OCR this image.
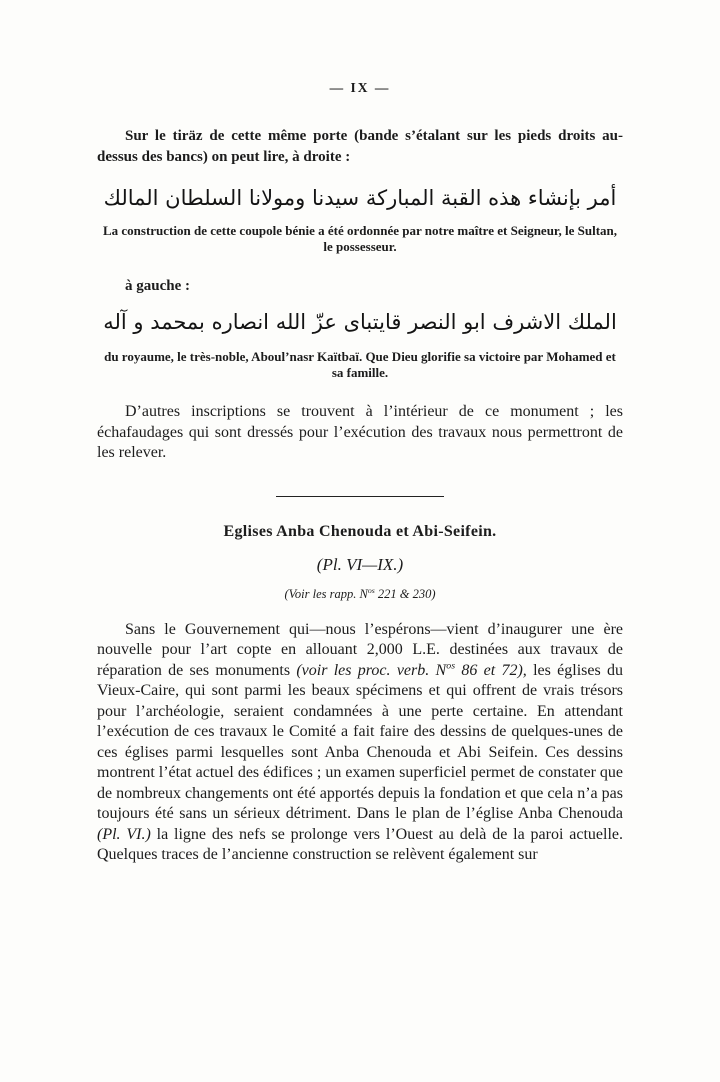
— IX —

Sur le tiräz de cette même porte (bande s’étalant sur les pieds droits au-dessus des bancs) on peut lire, à droite :

أمر بإنشاء هذه القبة المباركة سيدنا ومولانا السلطان المالك

La construction de cette coupole bénie a été ordonnée par notre maître et Seigneur, le Sultan, le possesseur.

à gauche :

الملك الاشرف ابو النصر قايتباى عزّ الله انصاره بمحمد و آله

du royaume, le très-noble, Aboul’nasr Kaïtbaï. Que Dieu glorifie sa victoire par Mohamed et sa famille.

D’autres inscriptions se trouvent à l’intérieur de ce monument ; les échafaudages qui sont dressés pour l’exécution des travaux nous permettront de les relever.

Eglises Anba Chenouda et Abi-Seifein.
(Pl. VI—IX.)
(Voir les rapp. $N^{os}$ 221 & 230)

Sans le Gouvernement qui—nous l’espérons—vient d’inaugurer une ère nouvelle pour l’art copte en allouant 2,000 L.E. destinées aux travaux de réparation de ses monuments (voir les proc. verb. $N^{os}$ 86 et 72), les églises du Vieux-Caire, qui sont parmi les beaux spécimens et qui offrent de vrais trésors pour l’archéologie, seraient condamnées à une perte certaine. En attendant l’exécution de ces travaux le Comité a fait faire des dessins de quelques-unes de ces églises parmi lesquelles sont Anba Chenouda et Abi Seifein. Ces dessins montrent l’état actuel des édifices ; un examen superficiel permet de constater que de nombreux changements ont été apportés depuis la fondation et que cela n’a pas toujours été sans un sérieux détriment. Dans le plan de l’église Anba Chenouda (Pl. VI.) la ligne des nefs se prolonge vers l’Ouest au delà de la paroi actuelle. Quelques traces de l’ancienne construction se relèvent également sur
